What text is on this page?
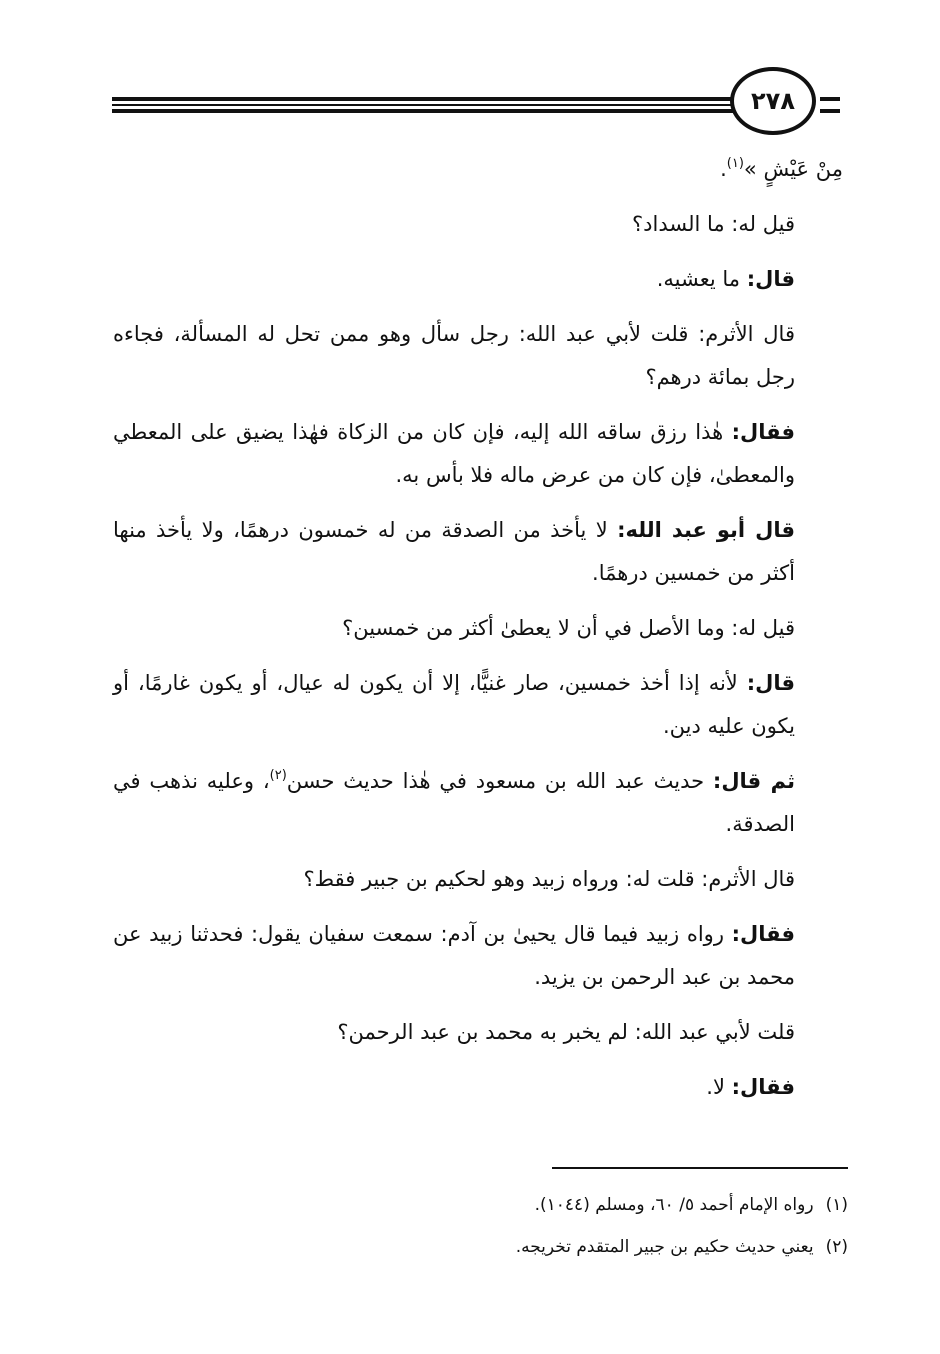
٢٧٨

مِنْ عَيْشٍ »$^{(١)}$.

قيل له: ما السداد؟

قال: ما يعشيه.

قال الأثرم: قلت لأبي عبد الله: رجل سأل وهو ممن تحل له المسألة، فجاءه رجل بمائة درهم؟

فقال: هٰذا رزق ساقه الله إليه، فإن كان من الزكاة فهٰذا يضيق على المعطي والمعطىٰ، فإن كان من عرض ماله فلا بأس به.

قال أبو عبد الله: لا يأخذ من الصدقة من له خمسون درهمًا، ولا يأخذ منها أكثر من خمسين درهمًا.

قيل له: وما الأصل في أن لا يعطىٰ أكثر من خمسين؟

قال: لأنه إذا أخذ خمسين، صار غنيًّا، إلا أن يكون له عيال، أو يكون غارمًا، أو يكون عليه دين.

ثم قال: حديث عبد الله بن مسعود في هٰذا حديث حسن$^{(٢)}$، وعليه نذهب في الصدقة.

قال الأثرم: قلت له: ورواه زبيد وهو لحكيم بن جبير فقط؟

فقال: رواه زبيد فيما قال يحيىٰ بن آدم: سمعت سفيان يقول: فحدثنا زبيد عن محمد بن عبد الرحمن بن يزيد.

قلت لأبي عبد الله: لم يخبر به محمد بن عبد الرحمن؟

فقال: لا.

(١)رواه الإمام أحمد ٥/ ٦٠، ومسلم (١٠٤٤).
(٢)يعني حديث حكيم بن جبير المتقدم تخريجه.
